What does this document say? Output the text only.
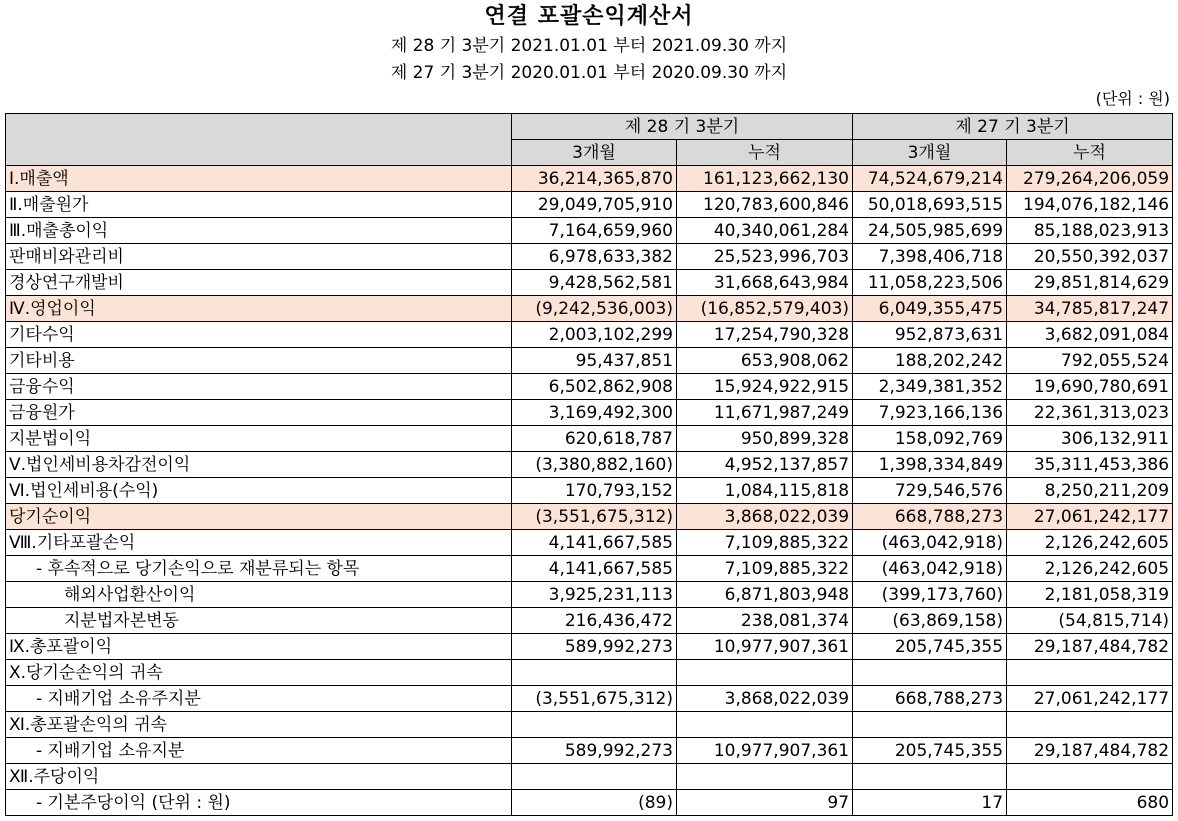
연결 포괄손익계산서
제 28 기 3분기 2021.01.01 부터 2021.09.30 까지
제 27 기 3분기 2020.01.01 부터 2020.09.30 까지
(단위 : 원)
	제 28 기 3분기		제 27 기 3분기	
	3개월	누적	3개월	누적
Ⅰ.매출액	36,214,365,870	161,123,662,130	74,524,679,214	279,264,206,059
Ⅱ.매출원가	29,049,705,910	120,783,600,846	50,018,693,515	194,076,182,146
Ⅲ.매출총이익	7,164,659,960	40,340,061,284	24,505,985,699	85,188,023,913
판매비와관리비	6,978,633,382	25,523,996,703	7,398,406,718	20,550,392,037
경상연구개발비	9,428,562,581	31,668,643,984	11,058,223,506	29,851,814,629
Ⅳ.영업이익	(9,242,536,003)	(16,852,579,403)	6,049,355,475	34,785,817,247
기타수익	2,003,102,299	17,254,790,328	952,873,631	3,682,091,084
기타비용	95,437,851	653,908,062	188,202,242	792,055,524
금융수익	6,502,862,908	15,924,922,915	2,349,381,352	19,690,780,691
금융원가	3,169,492,300	11,671,987,249	7,923,166,136	22,361,313,023
지분법이익	620,618,787	950,899,328	158,092,769	306,132,911
Ⅴ.법인세비용차감전이익	(3,380,882,160)	4,952,137,857	1,398,334,849	35,311,453,386
Ⅵ.법인세비용(수익)	170,793,152	1,084,115,818	729,546,576	8,250,211,209
당기순이익	(3,551,675,312)	3,868,022,039	668,788,273	27,061,242,177
Ⅷ.기타포괄손익	4,141,667,585	7,109,885,322	(463,042,918)	2,126,242,605
- 후속적으로 당기손익으로 재분류되는 항목	4,141,667,585	7,109,885,322	(463,042,918)	2,126,242,605
해외사업환산이익	3,925,231,113	6,871,803,948	(399,173,760)	2,181,058,319
지분법자본변동	216,436,472	238,081,374	(63,869,158)	(54,815,714)
Ⅸ.총포괄이익	589,992,273	10,977,907,361	205,745,355	29,187,484,782
Ⅹ.당기순손익의 귀속				
- 지배기업 소유주지분	(3,551,675,312)	3,868,022,039	668,788,273	27,061,242,177
Ⅺ.총포괄손익의 귀속				
- 지배기업 소유지분	589,992,273	10,977,907,361	205,745,355	29,187,484,782
Ⅻ.주당이익				
- 기본주당이익 (단위 : 원)	(89)	97	17	680
